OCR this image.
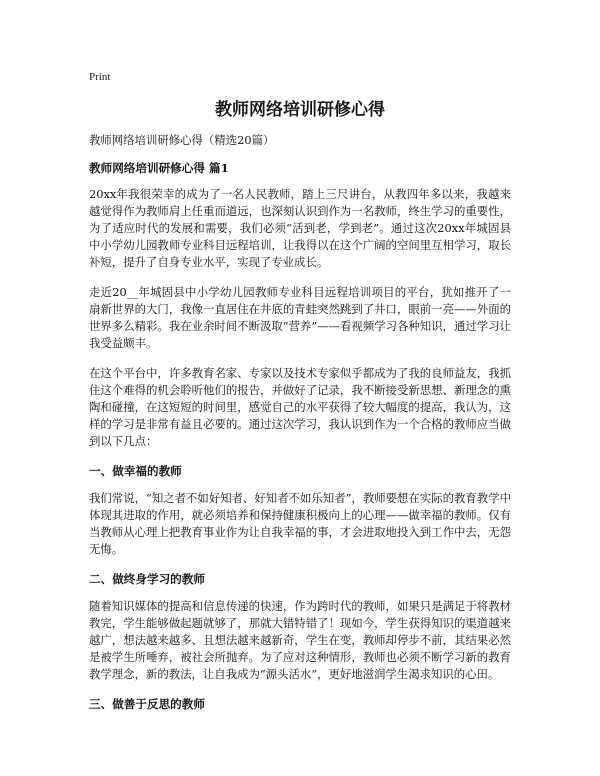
Print
教师网络培训研修心得
教师网络培训研修心得（精选20篇）
教师网络培训研修心得 篇1

20xx年我很荣幸的成为了一名人民教师，踏上三尺讲台，从教四年多以来，我越来越觉得作为教师肩上任重而道远，也深刻认识到作为一名教师，终生学习的重要性，为了适应时代的发展和需要，我们必须“活到老，学到老”。通过这次20xx年城固县中小学幼儿园教师专业科目远程培训，让我得以在这个广阔的空间里互相学习，取长补短，提升了自身专业水平，实现了专业成长。

走近20__年城固县中小学幼儿园教师专业科目远程培训项目的平台，犹如推开了一扇新世界的大门，我像一直居住在井底的青蛙突然跳到了井口，眼前一亮——外面的世界多么精彩。我在业余时间不断汲取“营养”——看视频学习各种知识，通过学习让我受益颇丰。

在这个平台中，许多教育名家、专家以及技术专家似乎都成为了我的良师益友，我抓住这个难得的机会聆听他们的报告，并做好了记录，我不断接受新思想、新理念的熏陶和碰撞，在这短短的时间里，感觉自己的水平获得了较大幅度的提高，我认为，这样的学习是非常有益且必要的。通过这次学习，我认识到作为一个合格的教师应当做到以下几点：

一、做幸福的教师

我们常说，“知之者不如好知者、好知者不如乐知者”，教师要想在实际的教育教学中体现其进取的作用，就必须培养和保持健康积极向上的心理——做幸福的教师。仅有当教师从心理上把教育事业作为让自我幸福的事，才会进取地投入到工作中去，无怨无悔。

二、做终身学习的教师

随着知识媒体的提高和信息传递的快速，作为跨时代的教师，如果只是满足于将教材教完，学生能够做起题就够了，那就大错特错了！现如今，学生获得知识的渠道越来越广，想法越来越多、且想法越来越新奇，学生在变，教师却停步不前，其结果必然是被学生所唾弃，被社会所抛弃。为了应对这种情形，教师也必须不断学习新的教育教学理念，新的教法，让自我成为“源头活水”，更好地滋润学生渴求知识的心田。

三、做善于反思的教师
